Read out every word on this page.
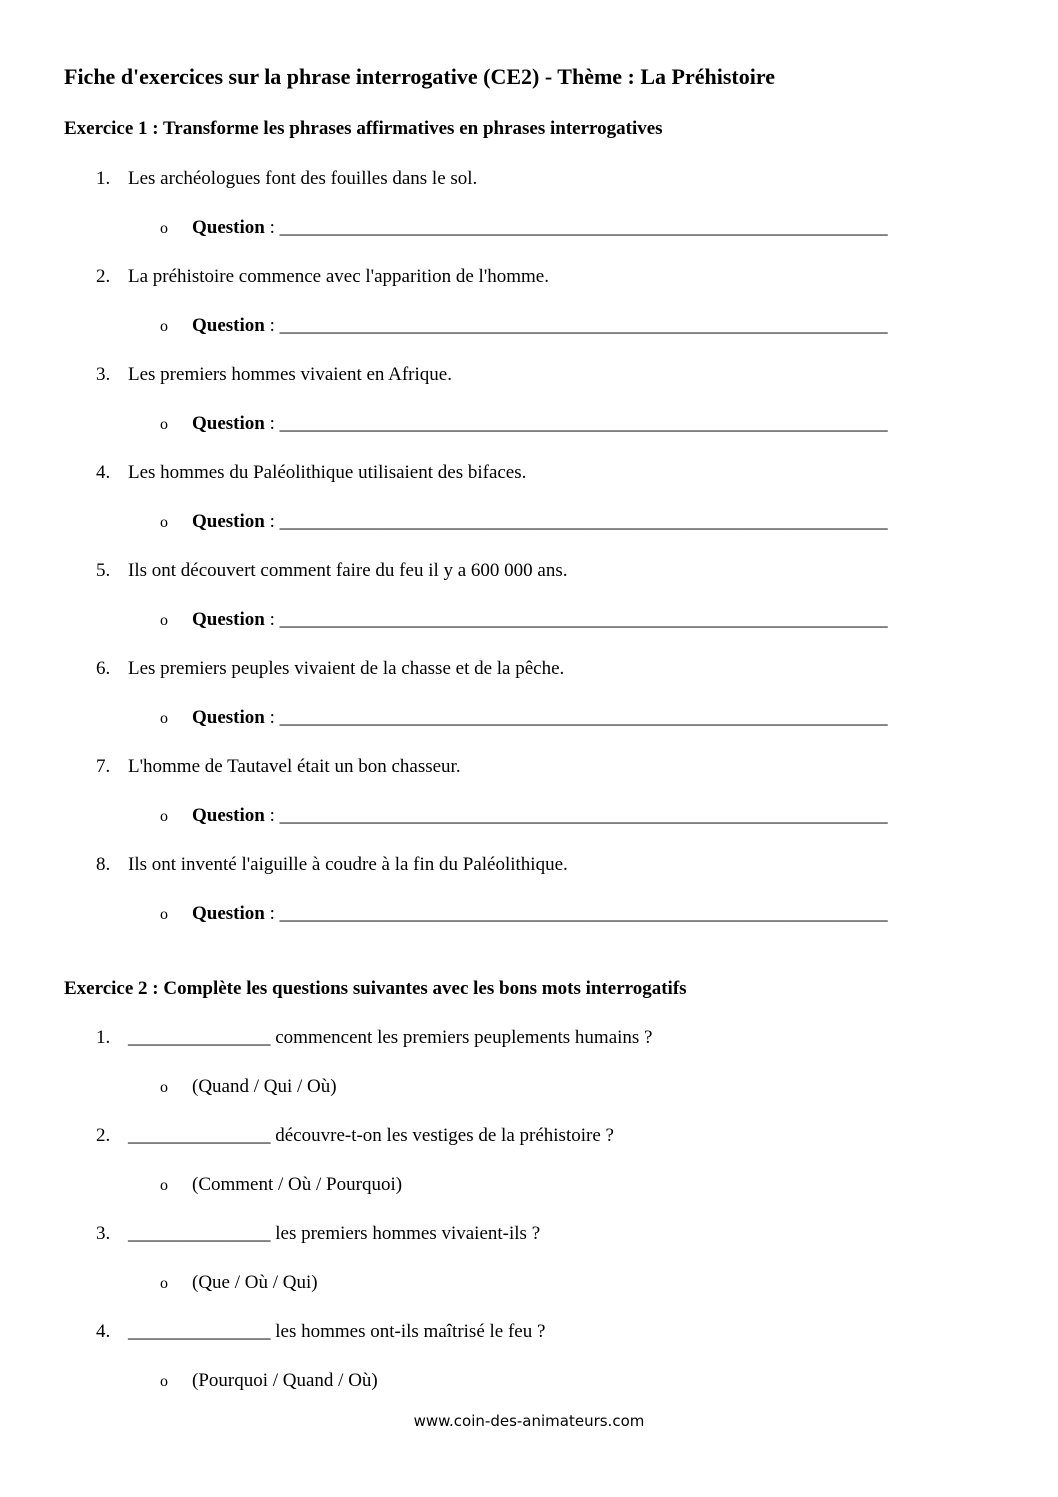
Fiche d'exercices sur la phrase interrogative (CE2) - Thème : La Préhistoire
Exercice 1 : Transforme les phrases affirmatives en phrases interrogatives
1. Les archéologues font des fouilles dans le sol.
o Question : ________________________________________________________________
2. La préhistoire commence avec l'apparition de l'homme.
o Question : ________________________________________________________________
3. Les premiers hommes vivaient en Afrique.
o Question : ________________________________________________________________
4. Les hommes du Paléolithique utilisaient des bifaces.
o Question : ________________________________________________________________
5. Ils ont découvert comment faire du feu il y a 600 000 ans.
o Question : ________________________________________________________________
6. Les premiers peuples vivaient de la chasse et de la pêche.
o Question : ________________________________________________________________
7. L'homme de Tautavel était un bon chasseur.
o Question : ________________________________________________________________
8. Ils ont inventé l'aiguille à coudre à la fin du Paléolithique.
o Question : ________________________________________________________________
Exercice 2 : Complète les questions suivantes avec les bons mots interrogatifs
1. _______________ commencent les premiers peuplements humains ?
o (Quand / Qui / Où)
2. _______________ découvre-t-on les vestiges de la préhistoire ?
o (Comment / Où / Pourquoi)
3. _______________ les premiers hommes vivaient-ils ?
o (Que / Où / Qui)
4. _______________ les hommes ont-ils maîtrisé le feu ?
o (Pourquoi / Quand / Où)
www.coin-des-animateurs.com
